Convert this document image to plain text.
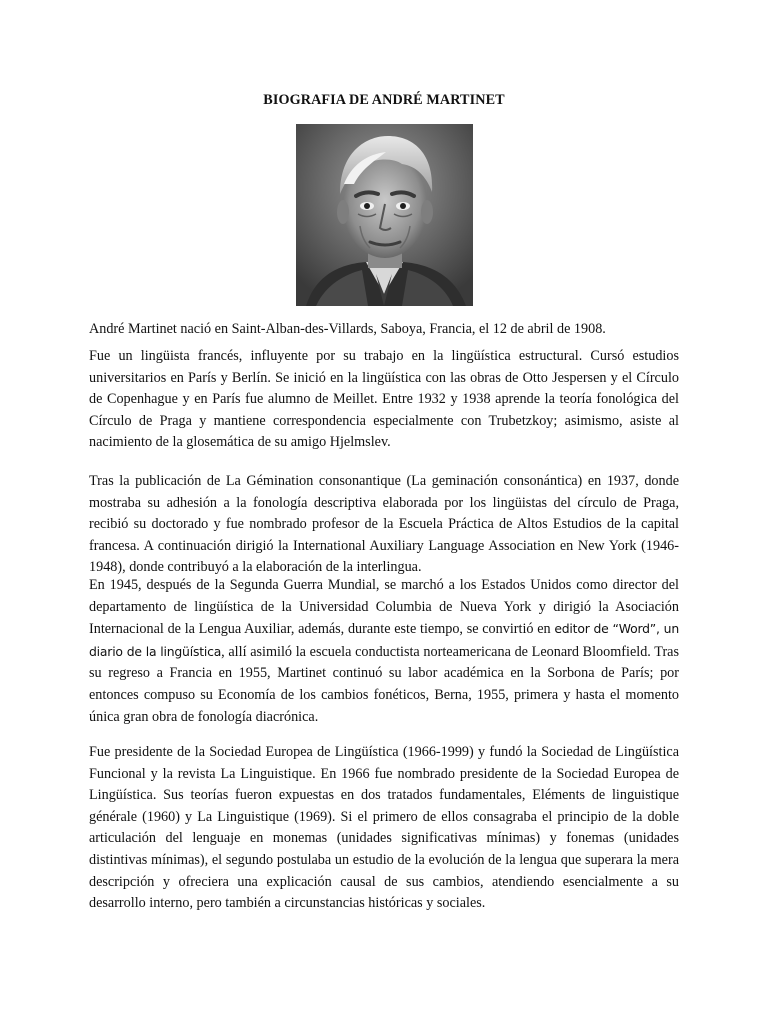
BIOGRAFIA DE ANDRÉ MARTINET

André Martinet nació en Saint-Alban-des-Villards, Saboya, Francia, el 12 de abril de 1908.

Fue un lingüista francés, influyente por su trabajo en la lingüística estructural. Cursó estudios universitarios en París y Berlín. Se inició en la lingüística con las obras de Otto Jespersen y el Círculo de Copenhague y en París fue alumno de Meillet. Entre 1932 y 1938 aprende la teoría fonológica del Círculo de Praga y mantiene correspondencia especialmente con Trubetzkoy; asimismo, asiste al nacimiento de la glosemática de su amigo Hjelmslev.

Tras la publicación de La Gémination consonantique (La geminación consonántica) en 1937, donde mostraba su adhesión a la fonología descriptiva elaborada por los lingüistas del círculo de Praga, recibió su doctorado y fue nombrado profesor de la Escuela Práctica de Altos Estudios de la capital francesa. A continuación dirigió la International Auxiliary Language Association en New York (1946-1948), donde contribuyó a la elaboración de la interlingua.

En 1945, después de la Segunda Guerra Mundial, se marchó a los Estados Unidos como director del departamento de lingüística de la Universidad Columbia de Nueva York y dirigió la Asociación Internacional de la Lengua Auxiliar, además, durante este tiempo, se convirtió en editor de “Word”, un diario de la lingüística, allí asimiló la escuela conductista norteamericana de Leonard Bloomfield. Tras su regreso a Francia en 1955, Martinet continuó su labor académica en la Sorbona de París; por entonces compuso su Economía de los cambios fonéticos, Berna, 1955, primera y hasta el momento única gran obra de fonología diacrónica.

Fue presidente de la Sociedad Europea de Lingüística (1966-1999) y fundó la Sociedad de Lingüística Funcional y la revista La Linguistique. En 1966 fue nombrado presidente de la Sociedad Europea de Lingüística. Sus teorías fueron expuestas en dos tratados fundamentales, Eléments de linguistique générale (1960) y La Linguistique (1969). Si el primero de ellos consagraba el principio de la doble articulación del lenguaje en monemas (unidades significativas mínimas) y fonemas (unidades distintivas mínimas), el segundo postulaba un estudio de la evolución de la lengua que superara la mera descripción y ofreciera una explicación causal de sus cambios, atendiendo esencialmente a su desarrollo interno, pero también a circunstancias históricas y sociales.
